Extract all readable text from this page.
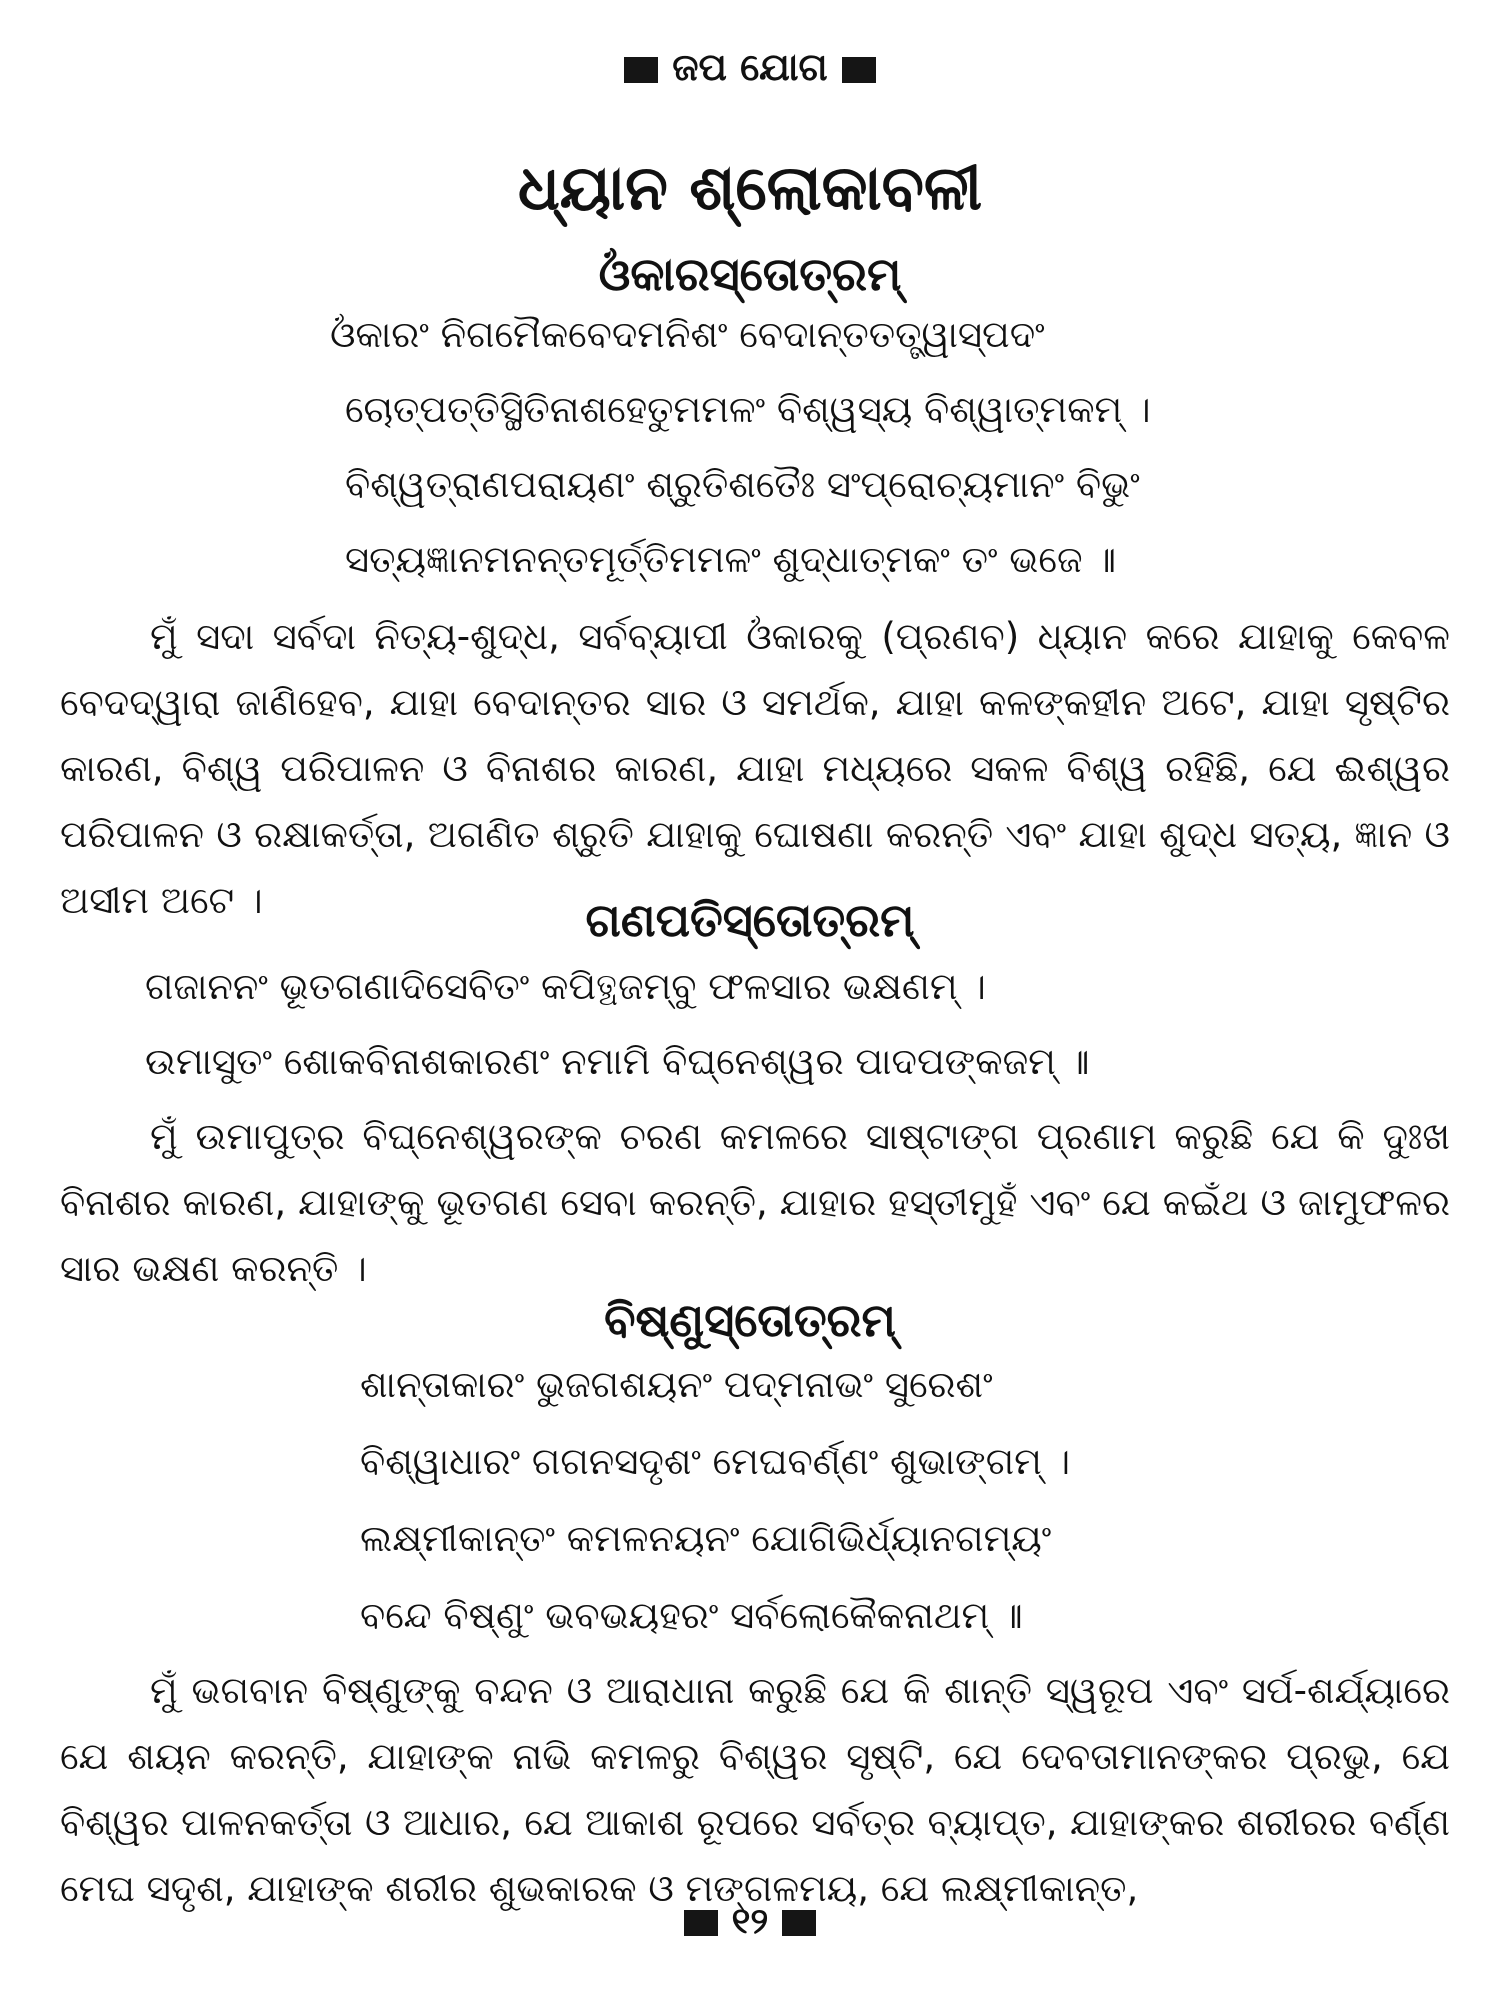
ଜପ ଯୋଗ
ଧ୍ୟାନ ଶ୍ଲୋକାବଳୀ
ଓଁକାରସ୍ତୋତ୍ରମ୍
ଓଁକାରଂ ନିଗମୈକବେଦମନିଶଂ ବେଦାନ୍ତତତ୍ତ୍ୱାସ୍ପଦଂ
ଚୋତ୍ପତ୍ତିସ୍ଥିତିନାଶହେତୁମମଳଂ ବିଶ୍ୱସ୍ୟ ବିଶ୍ୱାତ୍ମକମ୍ ।
ବିଶ୍ୱତ୍ରାଣପରାୟଣଂ ଶ୍ରୁତିଶତୈଃ ସଂପ୍ରୋଚ୍ୟମାନଂ ବିଭୁଂ
ସତ୍ୟଜ୍ଞାନମନନ୍ତମୂର୍ତ୍ତିମମଳଂ ଶୁଦ୍ଧାତ୍ମକଂ ତଂ ଭଜେ ॥
ମୁଁ ସଦା ସର୍ବଦା ନିତ୍ୟ-ଶୁଦ୍ଧ, ସର୍ବବ୍ୟାପୀ ଓଁକାରକୁ (ପ୍ରଣବ) ଧ୍ୟାନ କରେ ଯାହାକୁ କେବଳ ବେଦଦ୍ୱାରା ଜାଣିହେବ, ଯାହା ବେଦାନ୍ତର ସାର ଓ ସମର୍ଥକ, ଯାହା କଳଙ୍କହୀନ ଅଟେ, ଯାହା ସୃଷ୍ଟିର କାରଣ, ବିଶ୍ୱ ପରିପାଳନ ଓ ବିନାଶର କାରଣ, ଯାହା ମଧ୍ୟରେ ସକଳ ବିଶ୍ୱ ରହିଛି, ଯେ ଈଶ୍ୱର ପରିପାଳନ ଓ ରକ୍ଷାକର୍ତ୍ତା, ଅଗଣିତ ଶ୍ରୁତି ଯାହାକୁ ଘୋଷଣା କରନ୍ତି ଏବଂ ଯାହା ଶୁଦ୍ଧ ସତ୍ୟ, ଜ୍ଞାନ ଓ ଅସୀମ ଅଟେ ।	ଗଣପତିସ୍ତୋତ୍ରମ୍
ଗଜାନନଂ ଭୂତଗଣାଦିସେବିତଂ କପିତ୍ଥଜମ୍ବୁ ଫଳସାର ଭକ୍ଷଣମ୍ ।
ଉମାସୁତଂ ଶୋକବିନାଶକାରଣଂ ନମାମି ବିଘ୍ନେଶ୍ୱର ପାଦପଙ୍କଜମ୍ ॥
ମୁଁ ଉମାପୁତ୍ର ବିଘ୍ନେଶ୍ୱରଙ୍କ ଚରଣ କମଳରେ ସାଷ୍ଟାଙ୍ଗ ପ୍ରଣାମ କରୁଛି ଯେ କି ଦୁଃଖ ବିନାଶର କାରଣ, ଯାହାଙ୍କୁ ଭୂତଗଣ ସେବା କରନ୍ତି, ଯାହାର ହସ୍ତୀମୁହଁ ଏବଂ ଯେ କଇଁଥ ଓ ଜାମୁଫଳର ସାର ଭକ୍ଷଣ କରନ୍ତି ।
ବିଷ୍ଣୁସ୍ତୋତ୍ରମ୍
ଶାନ୍ତାକାରଂ ଭୁଜଗଶୟନଂ ପଦ୍ମନାଭଂ ସୁରେଶଂ
ବିଶ୍ୱାଧାରଂ ଗଗନସଦୃଶଂ ମେଘବର୍ଣ୍ଣଂ ଶୁଭାଙ୍ଗମ୍ ।
ଲକ୍ଷ୍ମୀକାନ୍ତଂ କମଳନୟନଂ ଯୋଗିଭିର୍ଧ୍ୟାନଗମ୍ୟଂ
ବନ୍ଦେ ବିଷ୍ଣୁଂ ଭବଭୟହରଂ ସର୍ବଲୋକୈକନାଥମ୍ ॥
ମୁଁ ଭଗବାନ ବିଷ୍ଣୁଙ୍କୁ ବନ୍ଦନ ଓ ଆରାଧାନା କରୁଛି ଯେ କି ଶାନ୍ତି ସ୍ୱରୂପ ଏବଂ ସର୍ପ-ଶର୍ଯ୍ୟାରେ ଯେ ଶୟନ କରନ୍ତି, ଯାହାଙ୍କ ନାଭି କମଳରୁ ବିଶ୍ୱର ସୃଷ୍ଟି, ଯେ ଦେବତାମାନଙ୍କର ପ୍ରଭୁ, ଯେ ବିଶ୍ୱର ପାଳନକର୍ତ୍ତା ଓ ଆଧାର, ଯେ ଆକାଶ ରୂପରେ ସର୍ବତ୍ର ବ୍ୟାପ୍ତ, ଯାହାଙ୍କର ଶରୀରର ବର୍ଣ୍ଣ ମେଘ ସଦୃଶ, ଯାହାଙ୍କ ଶରୀର ଶୁଭକାରକ ଓ ମଙ୍ଗଳମୟ, ଯେ ଲକ୍ଷ୍ମୀକାନ୍ତ,
୧୨
